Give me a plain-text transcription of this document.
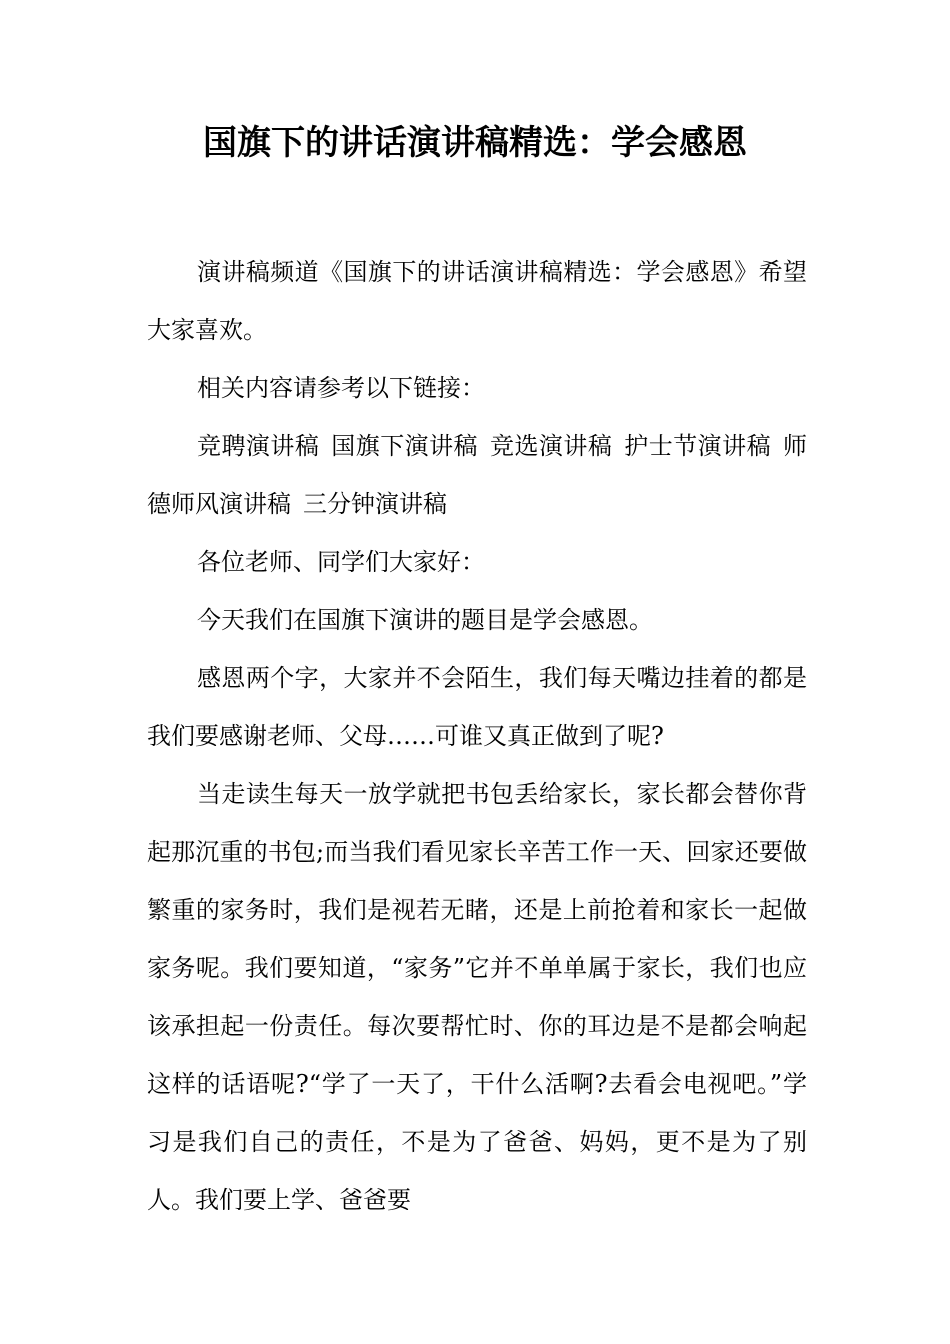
国旗下的讲话演讲稿精选：学会感恩

演讲稿频道《国旗下的讲话演讲稿精选：学会感恩》希望大家喜欢。

相关内容请参考以下链接：

竞聘演讲稿 国旗下演讲稿 竞选演讲稿 护士节演讲稿 师德师风演讲稿 三分钟演讲稿

各位老师、同学们大家好：

今天我们在国旗下演讲的题目是学会感恩。

感恩两个字，大家并不会陌生，我们每天嘴边挂着的都是我们要感谢老师、父母……可谁又真正做到了呢?

当走读生每天一放学就把书包丢给家长，家长都会替你背起那沉重的书包;而当我们看见家长辛苦工作一天、回家还要做繁重的家务时，我们是视若无睹，还是上前抢着和家长一起做家务呢。我们要知道，“家务”它并不单单属于家长，我们也应该承担起一份责任。每次要帮忙时、你的耳边是不是都会响起这样的话语呢?“学了一天了，干什么活啊?去看会电视吧。”学习是我们自己的责任，不是为了爸爸、妈妈，更不是为了别人。我们要上学、爸爸要
